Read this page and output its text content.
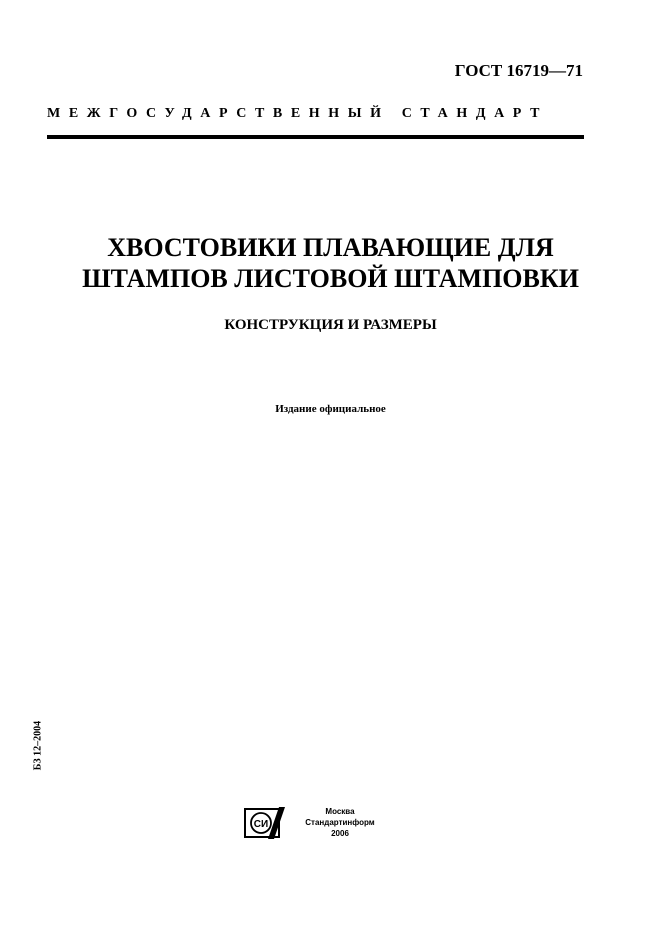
ГОСТ 16719—71
МЕЖГОСУДАРСТВЕННЫЙ СТАНДАРТ
ХВОСТОВИКИ ПЛАВАЮЩИЕ ДЛЯ
ШТАМПОВ ЛИСТОВОЙ ШТАМПОВКИ
КОНСТРУКЦИЯ И РАЗМЕРЫ
Издание официальное
БЗ 12–2004
СИ
Москва
Стандартинформ
2006
